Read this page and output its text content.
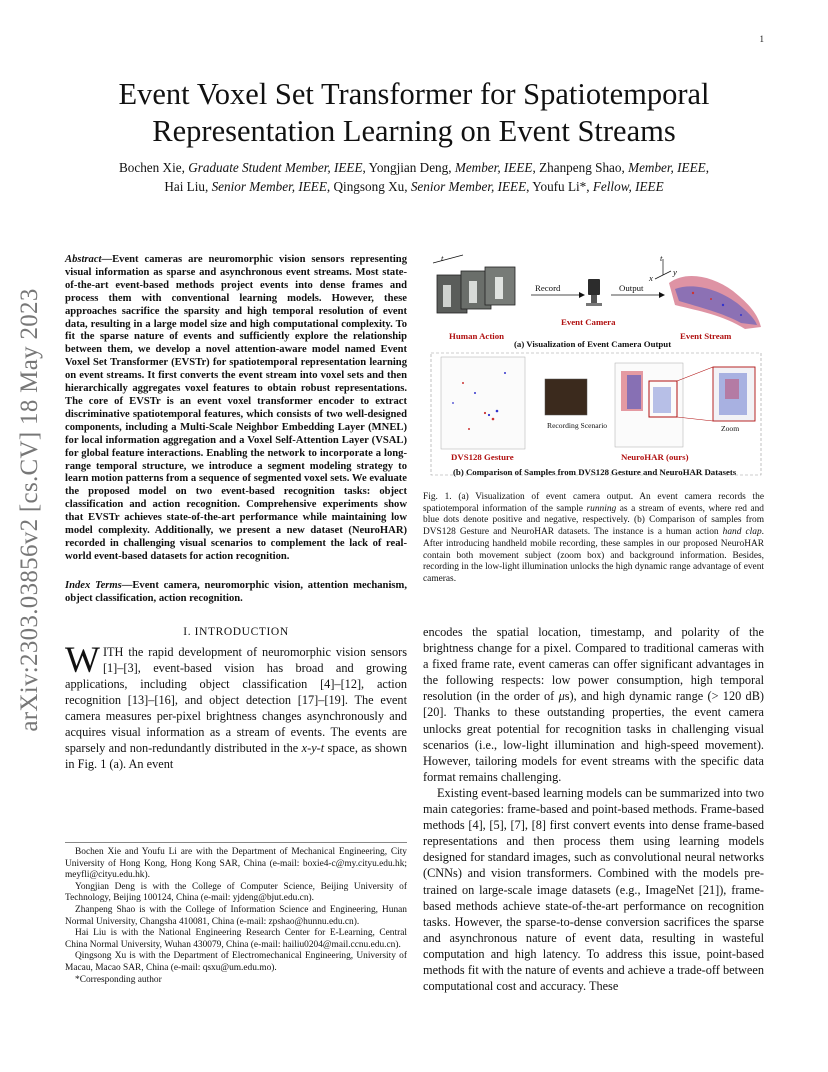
1
arXiv:2303.03856v2 [cs.CV] 18 May 2023
Event Voxel Set Transformer for Spatiotemporal Representation Learning on Event Streams
Bochen Xie, Graduate Student Member, IEEE, Yongjian Deng, Member, IEEE, Zhanpeng Shao, Member, IEEE,
Hai Liu, Senior Member, IEEE, Qingsong Xu, Senior Member, IEEE, Youfu Li*, Fellow, IEEE

Abstract—Event cameras are neuromorphic vision sensors representing visual information as sparse and asynchronous event streams. Most state-of-the-art event-based methods project events into dense frames and process them with conventional learning models. However, these approaches sacrifice the sparsity and high temporal resolution of event data, resulting in a large model size and high computational complexity. To fit the sparse nature of events and sufficiently explore the relationship between them, we develop a novel attention-aware model named Event Voxel Set Transformer (EVSTr) for spatiotemporal representation learning on event streams. It first converts the event stream into voxel sets and then hierarchically aggregates voxel features to obtain robust representations. The core of EVSTr is an event voxel transformer encoder to extract discriminative spatiotemporal features, which consists of two well-designed components, including a Multi-Scale Neighbor Embedding Layer (MNEL) for local information aggregation and a Voxel Self-Attention Layer (VSAL) for global feature interactions. Enabling the network to incorporate a long-range temporal structure, we introduce a segment modeling strategy to learn motion patterns from a sequence of segmented voxel sets. We evaluate the proposed model on two event-based recognition tasks: object classification and action recognition. Comprehensive experiments show that EVSTr achieves state-of-the-art performance while maintaining low model complexity. Additionally, we present a new dataset (NeuroHAR) recorded in challenging visual scenarios to complement the lack of real-world event-based datasets for action recognition.

Index Terms—Event camera, neuromorphic vision, attention mechanism, object classification, action recognition.

I. INTRODUCTION

WITH the rapid development of neuromorphic vision sensors [1]–[3], event-based vision has broad and growing applications, including object classification [4]–[12], action recognition [13]–[16], and object detection [17]–[19]. The event camera measures per-pixel brightness changes asynchronously and acquires visual information as a stream of events. The events are sparsely and non-redundantly distributed in the x-y-t space, as shown in Fig. 1 (a). An event

Bochen Xie and Youfu Li are with the Department of Mechanical Engineering, City University of Hong Kong, Hong Kong SAR, China (e-mail: boxie4-c@my.cityu.edu.hk; meyfli@cityu.edu.hk).

Yongjian Deng is with the College of Computer Science, Beijing University of Technology, Beijing 100124, China (e-mail: yjdeng@bjut.edu.cn).

Zhanpeng Shao is with the College of Information Science and Engineering, Hunan Normal University, Changsha 410081, China (e-mail: zpshao@hunnu.edu.cn).

Hai Liu is with the National Engineering Research Center for E-Learning, Central China Normal University, Wuhan 430079, China (e-mail: hailiu0204@mail.ccnu.edu.cn).

Qingsong Xu is with the Department of Electromechanical Engineering, University of Macau, Macao SAR, China (e-mail: qsxu@um.edu.mo).

*Corresponding author

t
Record	Output
t
x
y
Event Camera
Human Action	Event Stream
(a) Visualization of Event Camera Output
Recording Scenario	Zoom
DVS128 Gesture	NeuroHAR (ours)
(b) Comparison of Samples from DVS128 Gesture and NeuroHAR Datasets

Fig. 1. (a) Visualization of event camera output. An event camera records the spatiotemporal information of the sample running as a stream of events, where red and blue dots denote positive and negative, respectively. (b) Comparison of samples from DVS128 Gesture and NeuroHAR datasets. The instance is a human action hand clap. After introducing handheld mobile recording, these samples in our proposed NeuroHAR contain both movement subject (zoom box) and background information. Besides, recording in the low-light illumination unlocks the high dynamic range advantage of event cameras.

encodes the spatial location, timestamp, and polarity of the brightness change for a pixel. Compared to traditional cameras with a fixed frame rate, event cameras can offer significant advantages in the following respects: low power consumption, high temporal resolution (in the order of μs), and high dynamic range (> 120 dB) [20]. Thanks to these outstanding properties, the event camera unlocks great potential for recognition tasks in challenging visual scenarios (i.e., low-light illumination and high-speed movement). However, tailoring models for event streams with the specific data format remains challenging.

Existing event-based learning models can be summarized into two main categories: frame-based and point-based methods. Frame-based methods [4], [5], [7], [8] first convert events into dense frame-based representations and then process them using learning models designed for standard images, such as convolutional neural networks (CNNs) and vision transformers. Combined with the models pre-trained on large-scale image datasets (e.g., ImageNet [21]), frame-based methods achieve state-of-the-art performance on recognition tasks. However, the sparse-to-dense conversion sacrifices the sparse and asynchronous nature of event data, resulting in wasteful computation and high latency. To address this issue, point-based methods fit with the nature of events and achieve a trade-off between computational cost and accuracy. These
